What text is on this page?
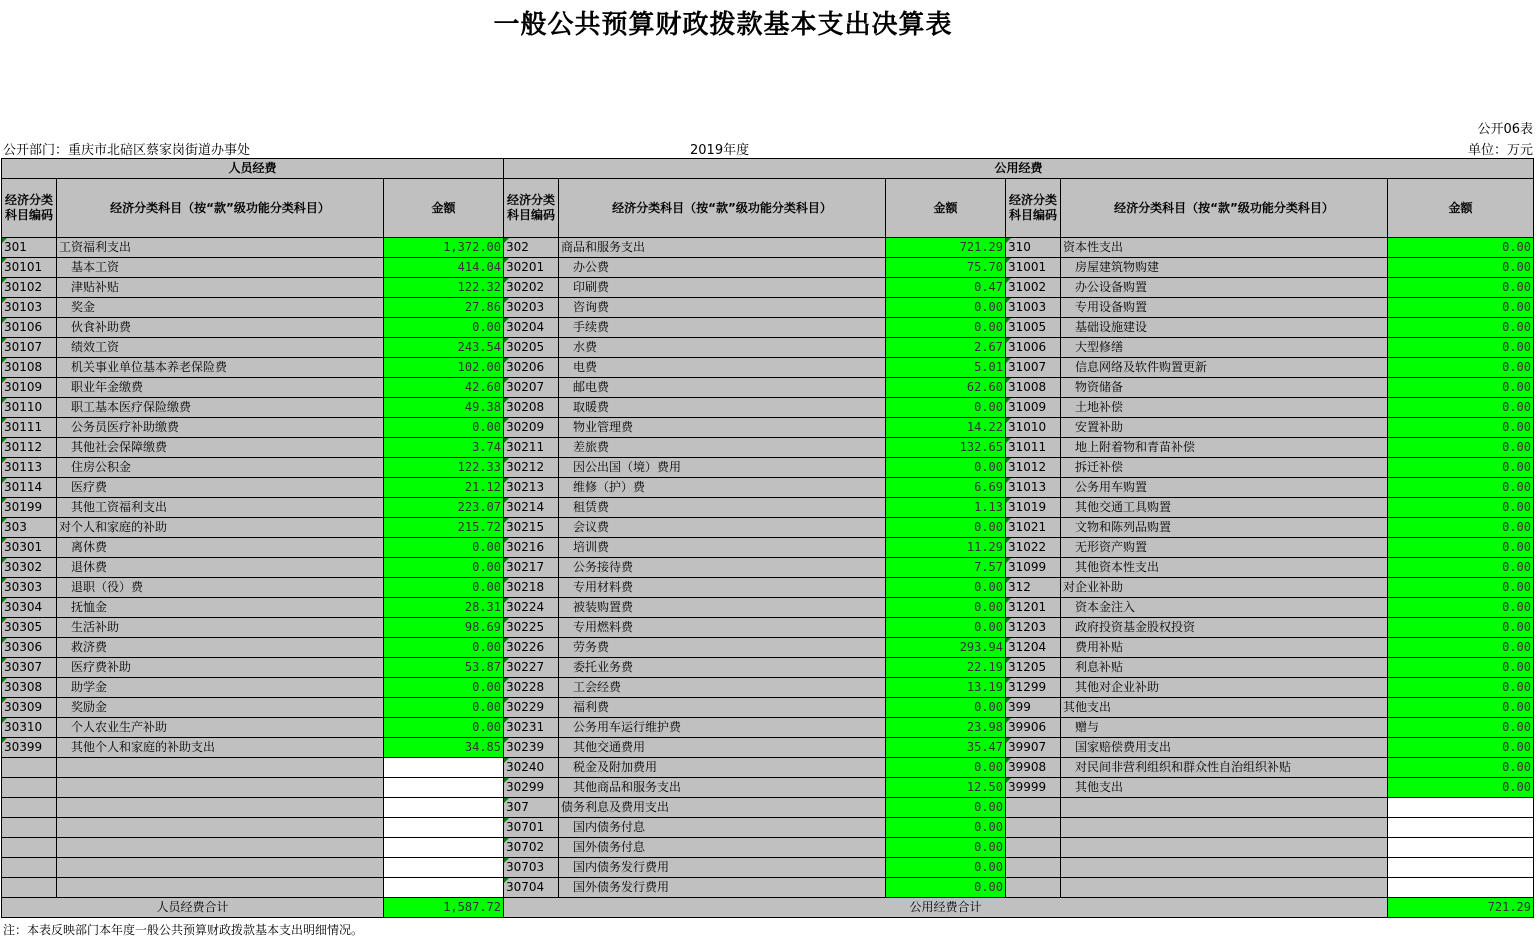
一般公共预算财政拨款基本支出决算表
公开06表
公开部门：重庆市北碚区蔡家岗街道办事处	2019年度	单位：万元
人员经费			公用经费					
经济分类科目编码	经济分类科目（按“款”级功能分类科目）	金额	经济分类科目编码	经济分类科目（按“款”级功能分类科目）	金额	经济分类科目编码	经济分类科目（按“款”级功能分类科目）	金额
301	工资福利支出	1,372.00	302	商品和服务支出	721.29	310	资本性支出	0.00
30101	基本工资	414.04	30201	办公费	75.70	31001	房屋建筑物购建	0.00
30102	津贴补贴	122.32	30202	印刷费	0.47	31002	办公设备购置	0.00
30103	奖金	27.86	30203	咨询费	0.00	31003	专用设备购置	0.00
30106	伙食补助费	0.00	30204	手续费	0.00	31005	基础设施建设	0.00
30107	绩效工资	243.54	30205	水费	2.67	31006	大型修缮	0.00
30108	机关事业单位基本养老保险费	102.00	30206	电费	5.01	31007	信息网络及软件购置更新	0.00
30109	职业年金缴费	42.60	30207	邮电费	62.60	31008	物资储备	0.00
30110	职工基本医疗保险缴费	49.38	30208	取暖费	0.00	31009	土地补偿	0.00
30111	公务员医疗补助缴费	0.00	30209	物业管理费	14.22	31010	安置补助	0.00
30112	其他社会保障缴费	3.74	30211	差旅费	132.65	31011	地上附着物和青苗补偿	0.00
30113	住房公积金	122.33	30212	因公出国（境）费用	0.00	31012	拆迁补偿	0.00
30114	医疗费	21.12	30213	维修（护）费	6.69	31013	公务用车购置	0.00
30199	其他工资福利支出	223.07	30214	租赁费	1.13	31019	其他交通工具购置	0.00
303	对个人和家庭的补助	215.72	30215	会议费	0.00	31021	文物和陈列品购置	0.00
30301	离休费	0.00	30216	培训费	11.29	31022	无形资产购置	0.00
30302	退休费	0.00	30217	公务接待费	7.57	31099	其他资本性支出	0.00
30303	退职（役）费	0.00	30218	专用材料费	0.00	312	对企业补助	0.00
30304	抚恤金	28.31	30224	被装购置费	0.00	31201	资本金注入	0.00
30305	生活补助	98.69	30225	专用燃料费	0.00	31203	政府投资基金股权投资	0.00
30306	救济费	0.00	30226	劳务费	293.94	31204	费用补贴	0.00
30307	医疗费补助	53.87	30227	委托业务费	22.19	31205	利息补贴	0.00
30308	助学金	0.00	30228	工会经费	13.19	31299	其他对企业补助	0.00
30309	奖励金	0.00	30229	福利费	0.00	399	其他支出	0.00
30310	个人农业生产补助	0.00	30231	公务用车运行维护费	23.98	39906	赠与	0.00
30399	其他个人和家庭的补助支出	34.85	30239	其他交通费用	35.47	39907	国家赔偿费用支出	0.00
			30240	税金及附加费用	0.00	39908	对民间非营利组织和群众性自治组织补贴	0.00
			30299	其他商品和服务支出	12.50	39999	其他支出	0.00
			307	债务利息及费用支出	0.00			
			30701	国内债务付息	0.00			
			30702	国外债务付息	0.00			
			30703	国内债务发行费用	0.00			
			30704	国外债务发行费用	0.00			
人员经费合计		1,587.72	公用经费合计					721.29
注：本表反映部门本年度一般公共预算财政拨款基本支出明细情况。
